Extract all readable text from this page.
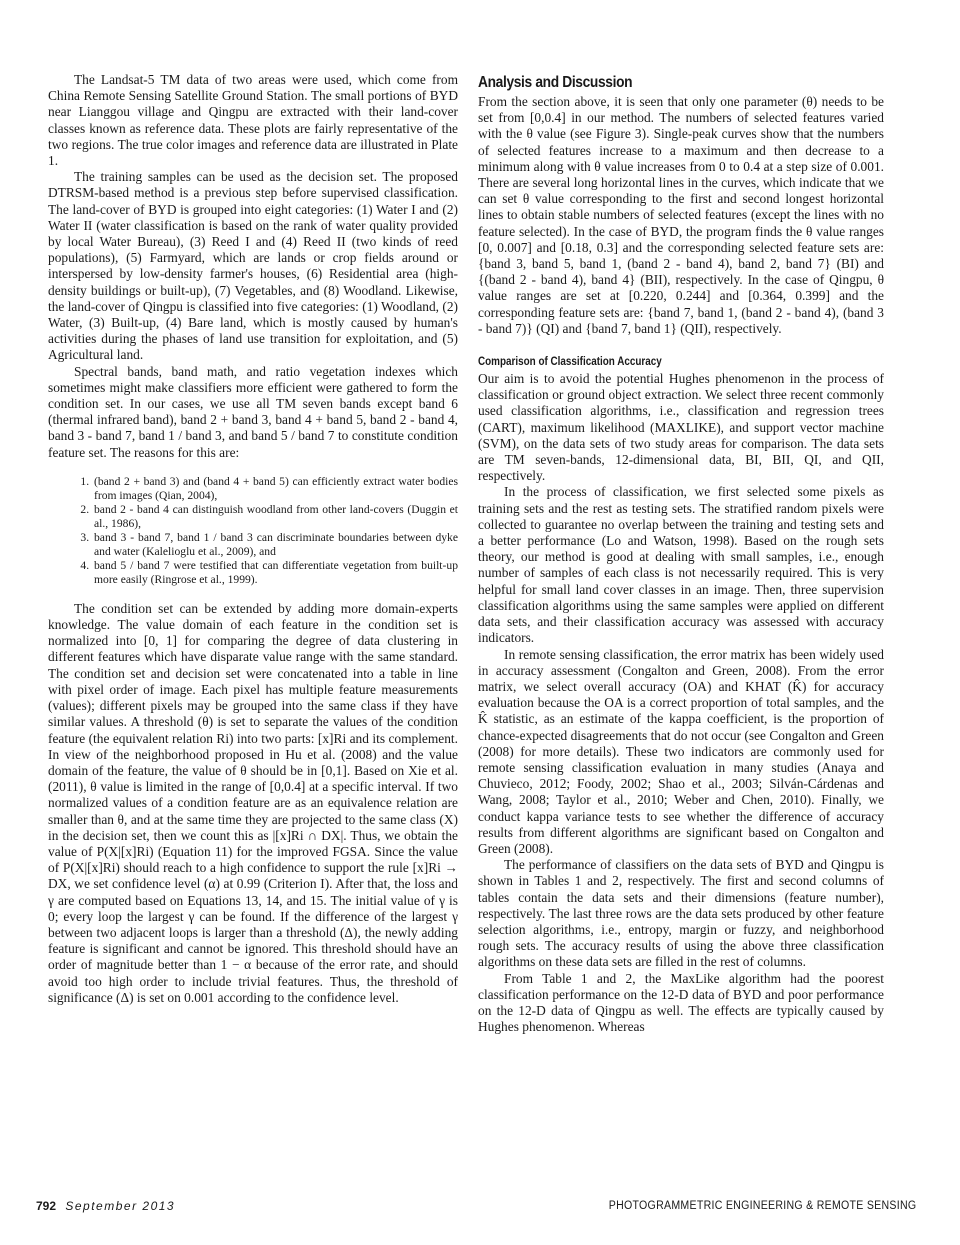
The Landsat-5 TM data of two areas were used, which come from China Remote Sensing Satellite Ground Station. The small portions of BYD near Lianggou village and Qingpu are extracted with their land-cover classes known as reference data. These plots are fairly representative of the two regions. The true color images and reference data are illustrated in Plate 1.

The training samples can be used as the decision set. The proposed DTRSM-based method is a previous step before supervised classification. The land-cover of BYD is grouped into eight categories: (1) Water I and (2) Water II (water classification is based on the rank of water quality provided by local Water Bureau), (3) Reed I and (4) Reed II (two kinds of reed populations), (5) Farmyard, which are lands or crop fields around or interspersed by low-density farmer's houses, (6) Residential area (high-density buildings or built-up), (7) Vegetables, and (8) Woodland. Likewise, the land-cover of Qingpu is classified into five categories: (1) Woodland, (2) Water, (3) Built-up, (4) Bare land, which is mostly caused by human's activities during the phases of land use transition for exploitation, and (5) Agricultural land.

Spectral bands, band math, and ratio vegetation indexes which sometimes might make classifiers more efficient were gathered to form the condition set. In our cases, we use all TM seven bands except band 6 (thermal infrared band), band 2 + band 3, band 4 + band 5, band 2 - band 4, band 3 - band 7, band 1 / band 3, and band 5 / band 7 to constitute condition feature set. The reasons for this are:

1. (band 2 + band 3) and (band 4 + band 5) can efficiently extract water bodies from images (Qian, 2004),
2. band 2 - band 4 can distinguish woodland from other land-covers (Duggin et al., 1986),
3. band 3 - band 7, band 1 / band 3 can discriminate boundaries between dyke and water (Kalelioglu et al., 2009), and
4. band 5 / band 7 were testified that can differentiate vegetation from built-up more easily (Ringrose et al., 1999).

The condition set can be extended by adding more domain-experts knowledge. The value domain of each feature in the condition set is normalized into [0, 1] for comparing the degree of data clustering in different features which have disparate value range with the same standard. The condition set and decision set were concatenated into a table in line with pixel order of image. Each pixel has multiple feature measurements (values); different pixels may be grouped into the same class if they have similar values. A threshold (θ) is set to separate the values of the condition feature (the equivalent relation Ri) into two parts: [x]Ri and its complement. In view of the neighborhood proposed in Hu et al. (2008) and the value domain of the feature, the value of θ should be in [0,1]. Based on Xie et al. (2011), θ value is limited in the range of [0,0.4] at a specific interval. If two normalized values of a condition feature are as an equivalence relation are smaller than θ, and at the same time they are projected to the same class (X) in the decision set, then we count this as |[x]Ri ∩ DX|. Thus, we obtain the value of P(X|[x]Ri) (Equation 11) for the improved FGSA. Since the value of P(X|[x]Ri) should reach to a high confidence to support the rule [x]Ri → DX, we set confidence level (α) at 0.99 (Criterion I). After that, the loss and γ are computed based on Equations 13, 14, and 15. The initial value of γ is 0; every loop the largest γ can be found. If the difference of the largest γ between two adjacent loops is larger than a threshold (Δ), the newly adding feature is significant and cannot be ignored. This threshold should have an order of magnitude better than 1 − α because of the error rate, and should avoid too high order to include trivial features. Thus, the threshold of significance (Δ) is set on 0.001 according to the confidence level.

Analysis and Discussion

From the section above, it is seen that only one parameter (θ) needs to be set from [0,0.4] in our method. The numbers of selected features varied with the θ value (see Figure 3). Single-peak curves show that the numbers of selected features increase to a maximum and then decrease to a minimum along with θ value increases from 0 to 0.4 at a step size of 0.001. There are several long horizontal lines in the curves, which indicate that we can set θ value corresponding to the first and second longest horizontal lines to obtain stable numbers of selected features (except the lines with no feature selected). In the case of BYD, the program finds the θ value ranges [0, 0.007] and [0.18, 0.3] and the corresponding selected feature sets are: {band 3, band 5, band 1, (band 2 - band 4), band 2, band 7} (BI) and {(band 2 - band 4), band 4} (BII), respectively. In the case of Qingpu, θ value ranges are set at [0.220, 0.244] and [0.364, 0.399] and the corresponding feature sets are: {band 7, band 1, (band 2 - band 4), (band 3 - band 7)} (QI) and {band 7, band 1} (QII), respectively.

Comparison of Classification Accuracy

Our aim is to avoid the potential Hughes phenomenon in the process of classification or ground object extraction. We select three recent commonly used classification algorithms, i.e., classification and regression trees (CART), maximum likelihood (MAXLIKE), and support vector machine (SVM), on the data sets of two study areas for comparison. The data sets are TM seven-bands, 12-dimensional data, BI, BII, QI, and QII, respectively.

In the process of classification, we first selected some pixels as training sets and the rest as testing sets. The stratified random pixels were collected to guarantee no overlap between the training and testing sets and a better performance (Lo and Watson, 1998). Based on the rough sets theory, our method is good at dealing with small samples, i.e., enough number of samples of each class is not necessarily required. This is very helpful for small land cover classes in an image. Then, three supervision classification algorithms using the same samples were applied on different data sets, and their classification accuracy was assessed with accuracy indicators.

In remote sensing classification, the error matrix has been widely used in accuracy assessment (Congalton and Green, 2008). From the error matrix, we select overall accuracy (OA) and KHAT (K̂) for accuracy evaluation because the OA is a correct proportion of total samples, and the K̂ statistic, as an estimate of the kappa coefficient, is the proportion of chance-expected disagreements that do not occur (see Congalton and Green (2008) for more details). These two indicators are commonly used for remote sensing classification evaluation in many studies (Anaya and Chuvieco, 2012; Foody, 2002; Shao et al., 2003; Silván-Cárdenas and Wang, 2008; Taylor et al., 2010; Weber and Chen, 2010). Finally, we conduct kappa variance tests to see whether the difference of accuracy results from different algorithms are significant based on Congalton and Green (2008).

The performance of classifiers on the data sets of BYD and Qingpu is shown in Tables 1 and 2, respectively. The first and second columns of tables contain the data sets and their dimensions (feature number), respectively. The last three rows are the data sets produced by other feature selection algorithms, i.e., entropy, margin or fuzzy, and neighborhood rough sets. The accuracy results of using the above three classification algorithms on these data sets are filled in the rest of columns.

From Table 1 and 2, the MaxLike algorithm had the poorest classification performance on the 12-D data of BYD and poor performance on the 12-D data of Qingpu as well. The effects are typically caused by Hughes phenomenon. Whereas

792 September 2013	PHOTOGRAMMETRIC ENGINEERING & REMOTE SENSING
